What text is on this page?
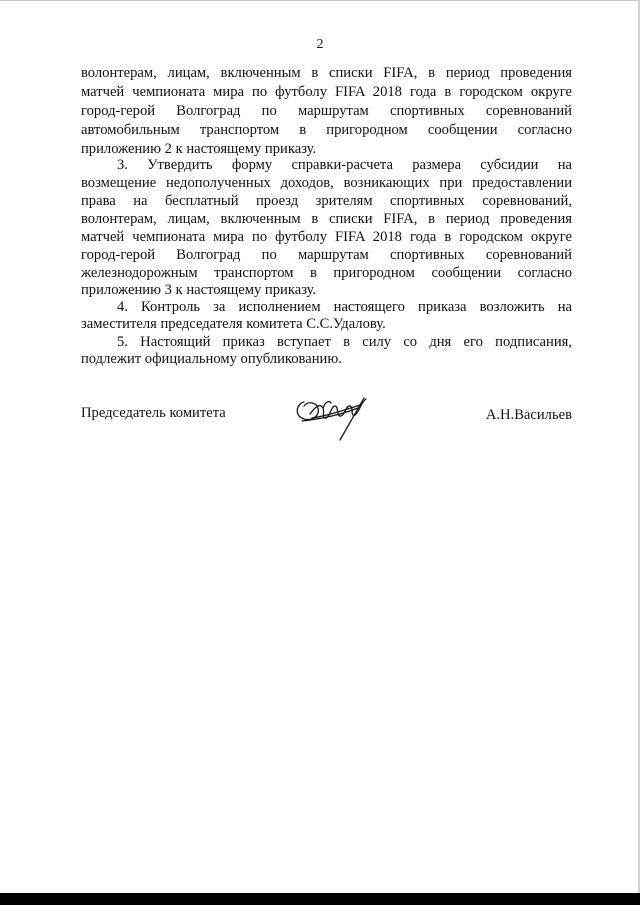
2
волонтерам, лицам, включенным в списки FIFA, в период проведения
матчей чемпионата мира по футболу FIFA 2018 года в городском округе
город-герой Волгоград по маршрутам спортивных соревнований
автомобильным транспортом в пригородном сообщении согласно
приложению 2 к настоящему приказу.
3. Утвердить форму справки-расчета размера субсидии на
возмещение недополученных доходов, возникающих при предоставлении
права на бесплатный проезд зрителям спортивных соревнований,
волонтерам, лицам, включенным в списки FIFA, в период проведения
матчей чемпионата мира по футболу FIFA 2018 года в городском округе
город-герой Волгоград по маршрутам спортивных соревнований
железнодорожным транспортом в пригородном сообщении согласно
приложению 3 к настоящему приказу.
4. Контроль за исполнением настоящего приказа возложить на
заместителя председателя комитета С.С.Удалову.
5. Настоящий приказ вступает в силу со дня его подписания,
подлежит официальному опубликованию.
Председатель комитета	А.Н.Васильев
